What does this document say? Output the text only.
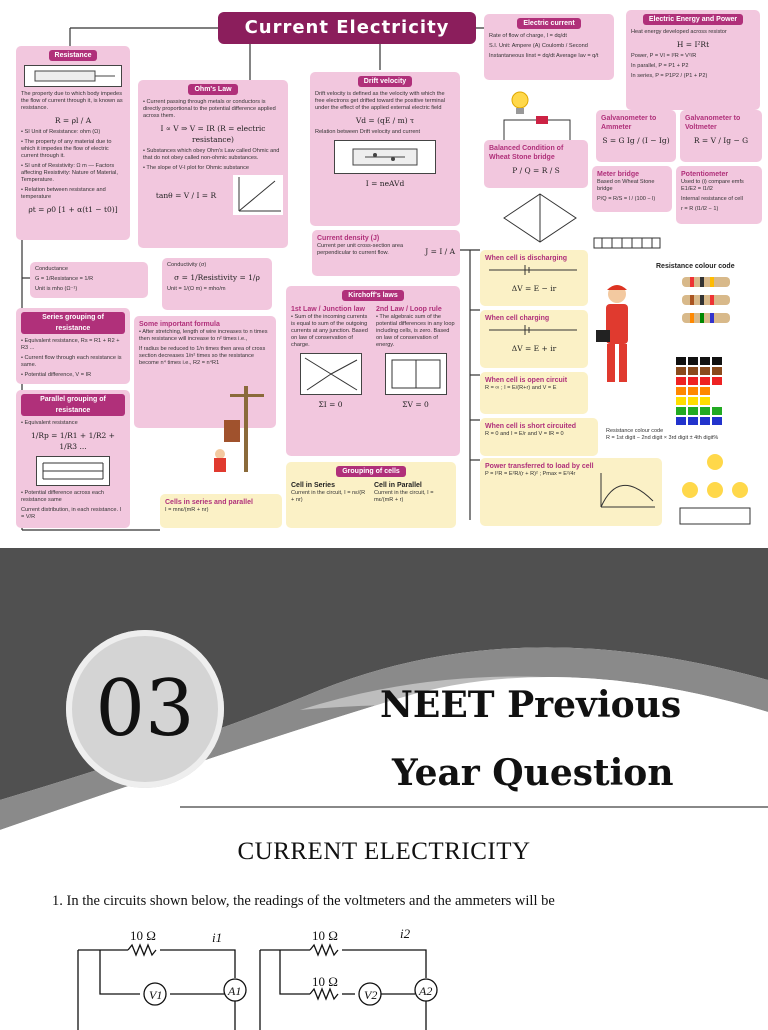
Current Electricity
Resistance
The property due to which body impedes the flow of current through it, is known as resistance.
R = ρl / A
• SI Unit of Resistance: ohm (Ω)
• The property of any material due to which it impedes the flow of electric current through it.
• SI unit of Resistivity: Ω m — Factors affecting Resistivity: Nature of Material, Temperature.
• Relation between resistance and temperature
ρt = ρ0 [1 + α(t1 − t0)]
Ohm's Law
• Current passing through metals or conductors is directly proportional to the potential difference applied across them.
I ∝ V ⇒ V = IR (R = electric resistance)
• Substances which obey Ohm's Law called Ohmic and that do not obey called non-ohmic substances.
• The slope of V-I plot for Ohmic substance
tanθ = V / I = R
Drift velocity
Drift velocity is defined as the velocity with which the free electrons get drifted toward the positive terminal under the effect of the applied external electric field
Vd = (qE / m) τ
Relation between Drift velocity and current
I = neAVd
Current density (J)
Current per unit cross-section area perpendicular to current flow.	J = I / A
Electric current
Rate of flow of charge, I = dq/dt
S.I. Unit: Ampere (A) Coulomb / Second
Instantaneous Iinst = dq/dt Average Iav = q/t
Electric Energy and Power
Heat energy developed across resistor
H = I²Rt
Power, P = VI = I²R = V²/R
In parallel, P = P1 + P2
In series, P = P1P2 / (P1 + P2)
Galvanometer to Ammeter
S = G Ig / (I − Ig)
Galvanometer to Voltmeter
R = V / Ig − G
Balanced Condition of Wheat Stone bridge
P / Q = R / S	Meter bridge
Based on Wheat Stone bridge
P/Q = R/S = l / (100 − l)
Potentiometer
Used to (i) compare emfs E1/E2 = l1/l2
Internal resistance of cell
r = R (l1/l2 − 1)
Conductance
G = 1/Resistance = 1/R
Unit is mho (Ω⁻¹)
Conductivity (σ)
σ = 1/Resistivity = 1/ρ
Unit = 1/(Ω m) = mho/m
Kirchoff's laws
1st Law / Junction law
• Sum of the incoming currents is equal to sum of the outgoing currents at any junction. Based on law of conservation of charge.
ΣI = 0
2nd Law / Loop rule
• The algebraic sum of the potential differences in any loop including cells, is zero. Based on law of conservation of energy.
ΣV = 0
When cell is discharging
ΔV = E − ir
When cell charging
ΔV = E + ir
When cell is open circuit
R = ∞ ; I = E/(R+r) and V = E
When cell is short circuited
R = 0 and I = E/r and V = IR = 0
Power transferred to load by cell
P = I²R = E²R/(r + R)² ; Pmax = E²/4r
Resistance colour code
Resistance colour code
R = 1st digit − 2nd digit × 3rd digit ± 4th digit%
Series grouping of resistance
• Equivalent resistance, Rs = R1 + R2 + R3 ...
• Current flow through each resistance is same.
• Potential difference, V = IR
Parallel grouping of resistance
• Equivalent resistance
1/Rp = 1/R1 + 1/R2 + 1/R3 ...
• Potential difference across each resistance same
Current distribution, in each resistance. I = V/R
Some important formula
• After stretching, length of wire increases to n times then resistance will increase to n² times i.e.,
If radius be reduced to 1/n times then area of cross section decreases 1/n² times so the resistance become n⁴ times i.e., R2 = n⁴R1
Grouping of cells
Cell in Series
Current in the circuit, I = nε/(R + nr)
Cell in Parallel
Current in the circuit, I = mε/(mR + r)
Cells in series and parallel
I = mnε/(mR + nr)
03	NEET Previous
Year Question
CURRENT ELECTRICITY
1. In the circuits shown below, the readings of the voltmeters and the ammeters will be
10 Ω	i1
V1	A1
10 Ω	i2
10 Ω
V2	A2
